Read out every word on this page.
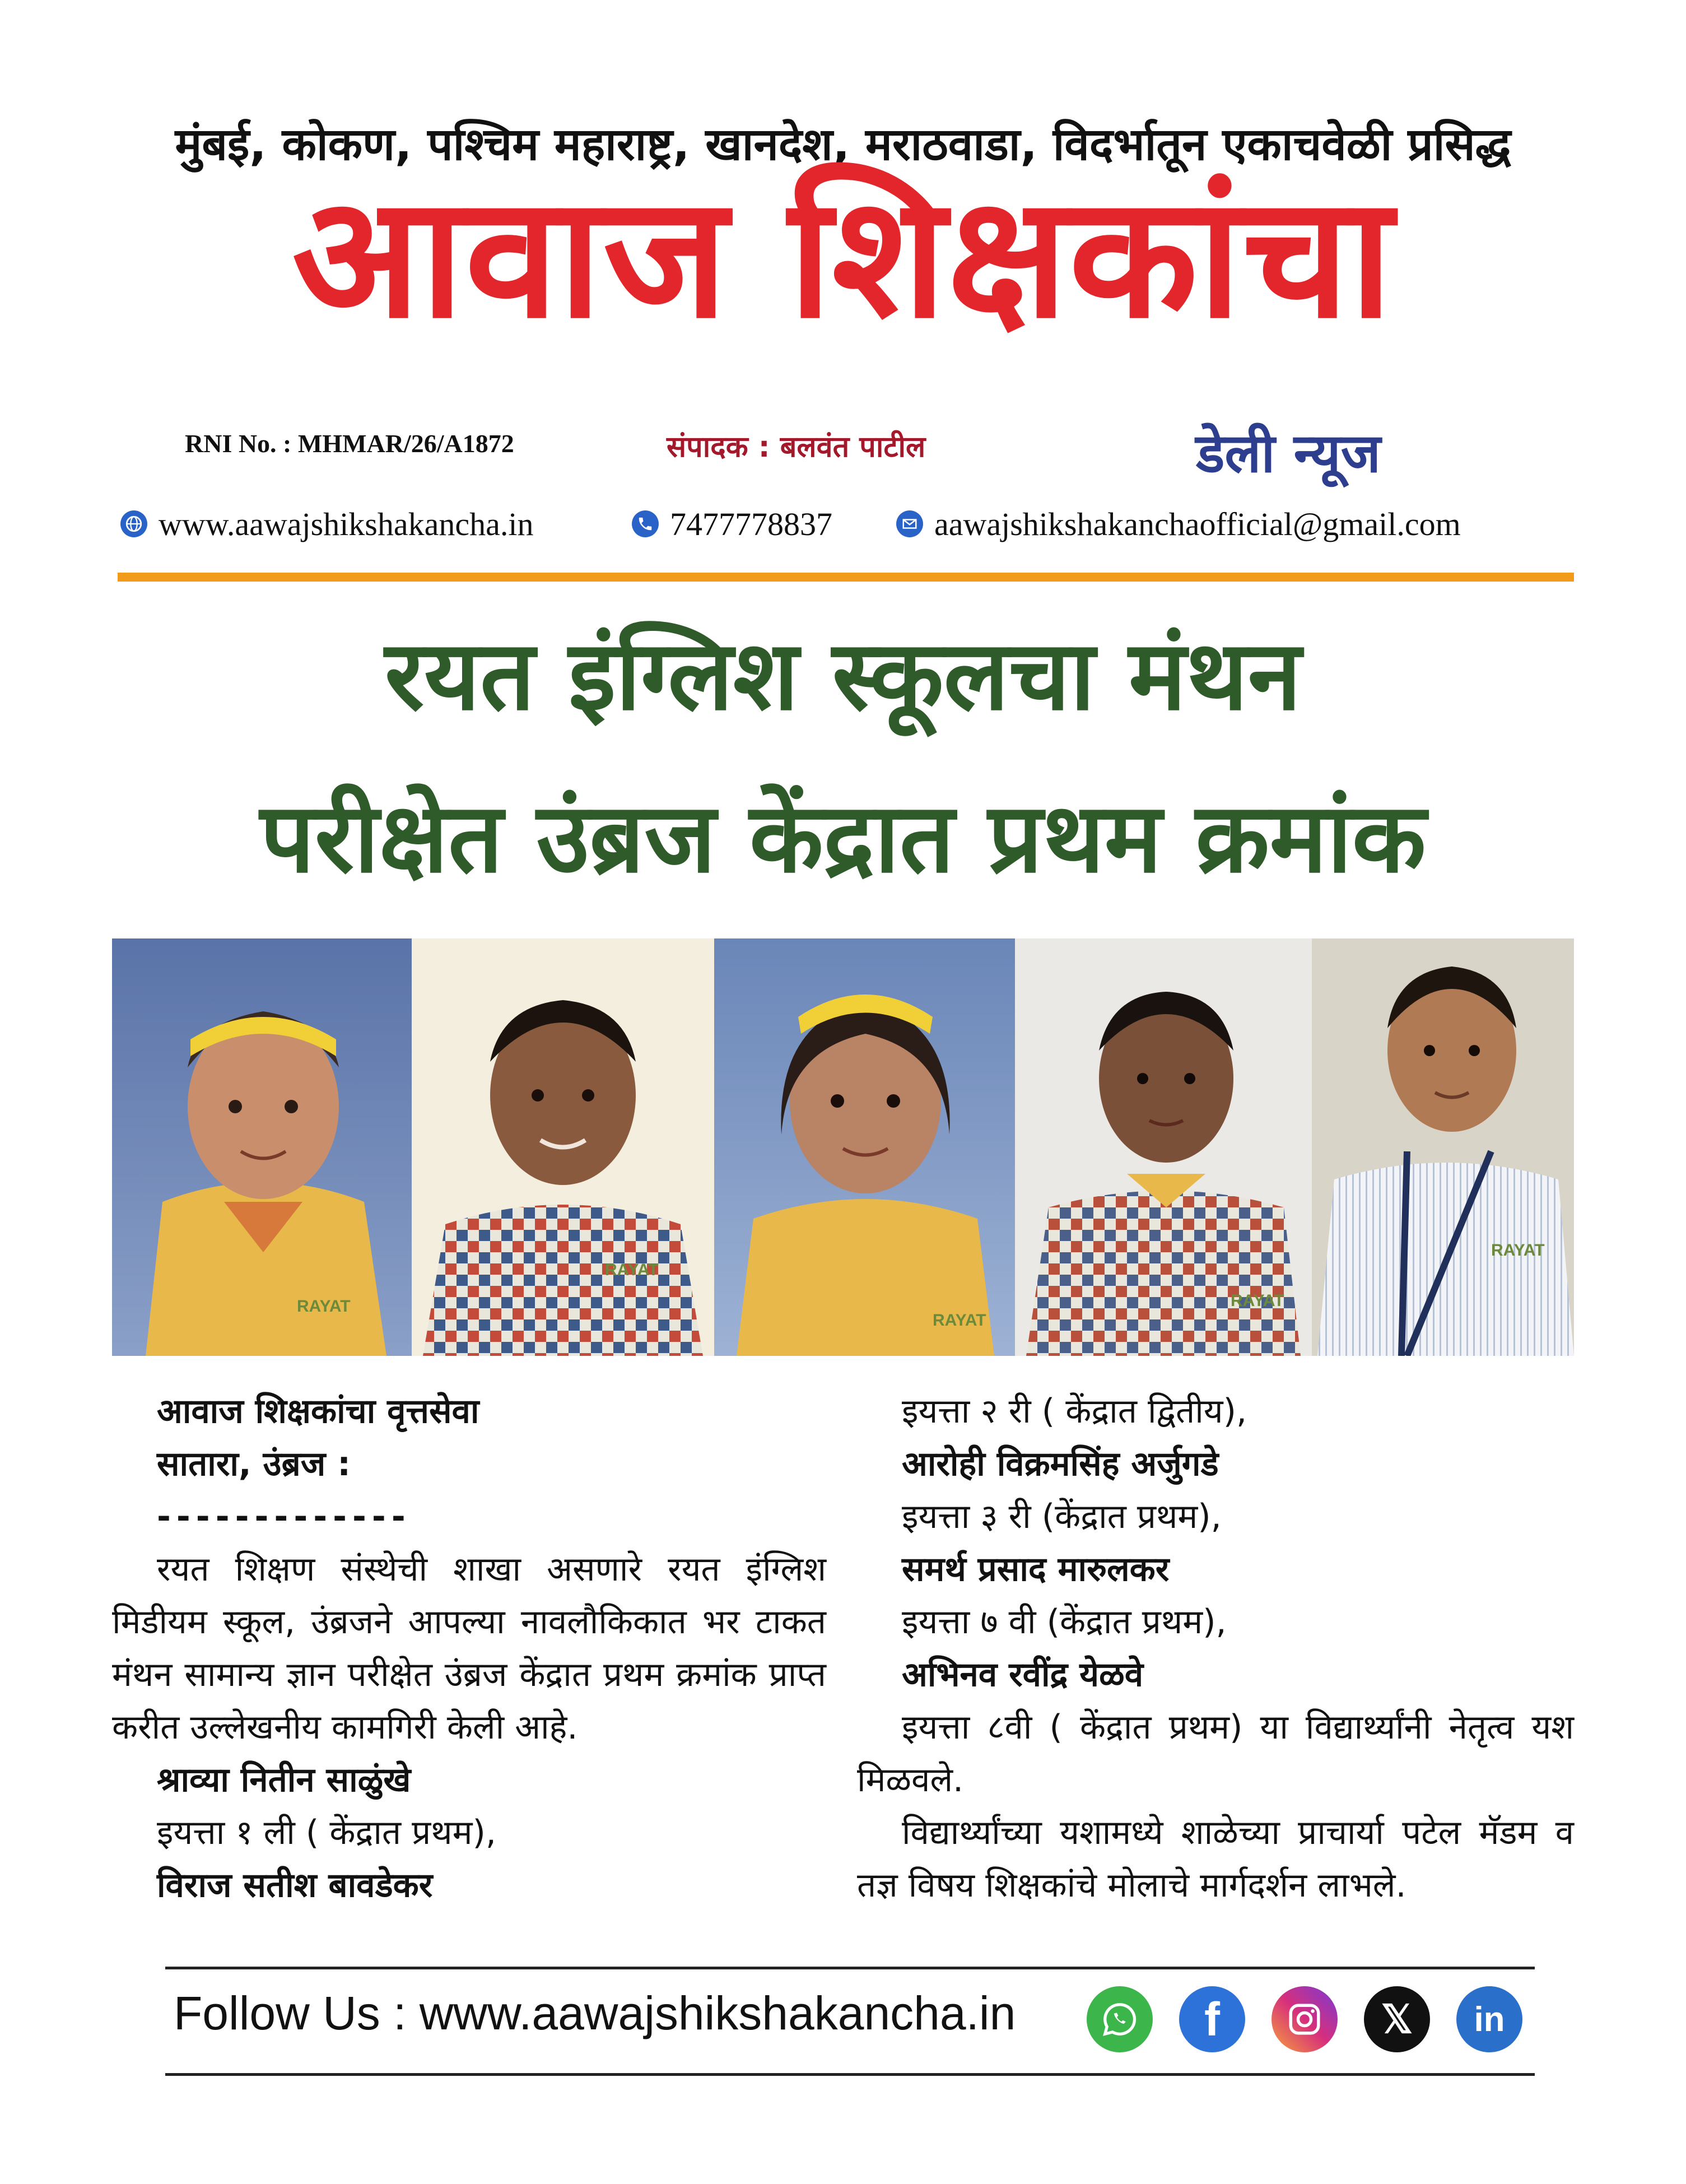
मुंबई, कोकण, पश्चिम महाराष्ट्र, खानदेश, मराठवाडा, विदर्भातून एकाचवेळी प्रसिद्ध
आवाज शिक्षकांचा
RNI No. : MHMAR/26/A1872	संपादक : बलवंत पाटील	डेली न्यूज
www.aawajshikshakancha.in	7477778837	aawajshikshakanchaofficial@gmail.com
रयत इंग्लिश स्कूलचा मंथन
परीक्षेत उंब्रज केंद्रात प्रथम क्रमांक
RAYAT
RAYAT
RAYAT
RAYAT
RAYAT

आवाज शिक्षकांचा वृत्तसेवा

सातारा, उंब्रज :

-------------

रयत शिक्षण संस्थेची शाखा असणारे रयत इंग्लिश मिडीयम स्कूल, उंब्रजने आपल्या नावलौकिकात भर टाकत मंथन सामान्य ज्ञान परीक्षेत उंब्रज केंद्रात प्रथम क्रमांक प्राप्त करीत उल्लेखनीय कामगिरी केली आहे.

श्राव्या नितीन साळुंखे

इयत्ता १ ली ( केंद्रात प्रथम),

विराज सतीश बावडेकर

इयत्ता २ री ( केंद्रात द्वितीय),

आरोही विक्रमसिंह अर्जुगडे

इयत्ता ३ री (केंद्रात प्रथम),

समर्थ प्रसाद मारुलकर

इयत्ता ७ वी (केंद्रात प्रथम),

अभिनव रवींद्र येळवे

इयत्ता ८वी ( केंद्रात प्रथम) या विद्यार्थ्यांनी नेतृत्व यश मिळवले.

विद्यार्थ्यांच्या यशामध्ये शाळेच्या प्राचार्या पटेल मॅडम व तज्ञ विषय शिक्षकांचे मोलाचे मार्गदर्शन लाभले.

Follow Us : www.aawajshikshakancha.in	f	𝕏	in
